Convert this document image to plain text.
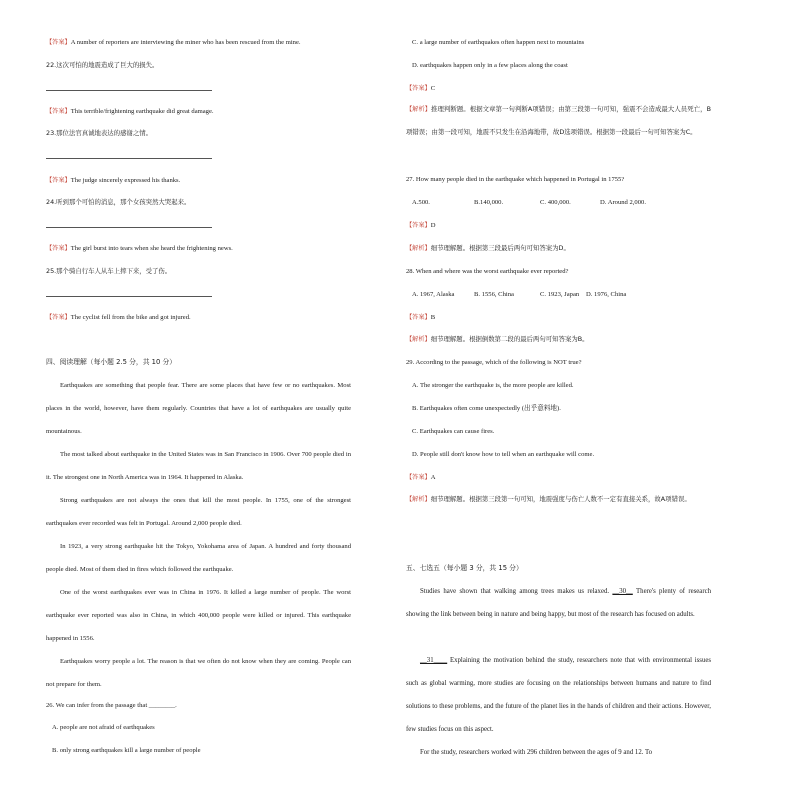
【答案】A number of reporters are interviewing the miner who has been rescued from the mine.
22.这次可怕的地震造成了巨大的损失。
【答案】This terrible/frightening earthquake did great damage.
23.那位法官真诚地表达的感谢之情。
【答案】The judge sincerely expressed his thanks.
24.听到那个可怕的消息，那个女孩突然大哭起来。
【答案】The girl burst into tears when she heard the frightening news.
25.那个骑自行车人从车上摔下来，受了伤。
【答案】The cyclist fell from the bike and got injured.
四、阅读理解（每小题 2.5 分，共 10 分）
Earthquakes are something that people fear. There are some places that have few or no earthquakes. Most places in the world, however, have them regularly. Countries that have a lot of earthquakes are usually quite mountainous.
The most talked about earthquake in the United States was in San Francisco in 1906. Over 700 people died in it. The strongest one in North America was in 1964. It happened in Alaska.
Strong earthquakes are not always the ones that kill the most people. In 1755, one of the strongest earthquakes ever recorded was felt in Portugal. Around 2,000 people died.
In 1923, a very strong earthquake hit the Tokyo, Yokohama area of Japan. A hundred and forty thousand people died. Most of them died in fires which followed the earthquake.
One of the worst earthquakes ever was in China in 1976. It killed a large number of people. The worst earthquake ever reported was also in China, in which 400,000 people were killed or injured. This earthquake happened in 1556.
Earthquakes worry people a lot. The reason is that we often do not know when they are coming. People can not prepare for them.
26. We can infer from the passage that ________.
A. people are not afraid of earthquakes
B. only strong earthquakes kill a large number of people
C. a large number of earthquakes often happen next to mountains
D. earthquakes happen only in a few places along the coast
【答案】C
【解析】推理判断题。根据文章第一句判断A项错误；由第三段第一句可知，强震不会造成最大人员死亡，B项错误；由第一段可知，地震不只发生在沿海地带，故D选项错误。根据第一段最后一句可知答案为C。
27. How many people died in the earthquake which happened in Portugal in 1755?
A.500.	B.140,000.	C. 400,000.	D. Around 2,000.
【答案】D
【解析】细节理解题。根据第三段最后两句可知答案为D。
28. When and where was the worst earthquake ever reported?
A. 1967, Alaska	B. 1556, China	C. 1923, Japan D. 1976, China
【答案】B
【解析】细节理解题。根据倒数第二段的最后两句可知答案为B。
29. According to the passage, which of the following is NOT true?
A. The stronger the earthquake is, the more people are killed.
B. Earthquakes often come unexpectedly (出乎意料地).
C. Earthquakes can cause fires.
D. People still don't know how to tell when an earthquake will come.
【答案】A
【解析】细节理解题。根据第三段第一句可知，地震强度与伤亡人数不一定有直接关系，故A项错误。
五、七选五（每小题 3 分，共 15 分）
Studies have shown that walking among trees makes us relaxed. __30__ There's plenty of research showing the link between being in nature and being happy, but most of the research has focused on adults.
__31____ Explaining the motivation behind the study, researchers note that with environmental issues such as global warming, more studies are focusing on the relationships between humans and nature to find solutions to these problems, and the future of the planet lies in the hands of children and their actions. However, few studies focus on this aspect.
For the study, researchers worked with 296 children between the ages of 9 and 12. To
